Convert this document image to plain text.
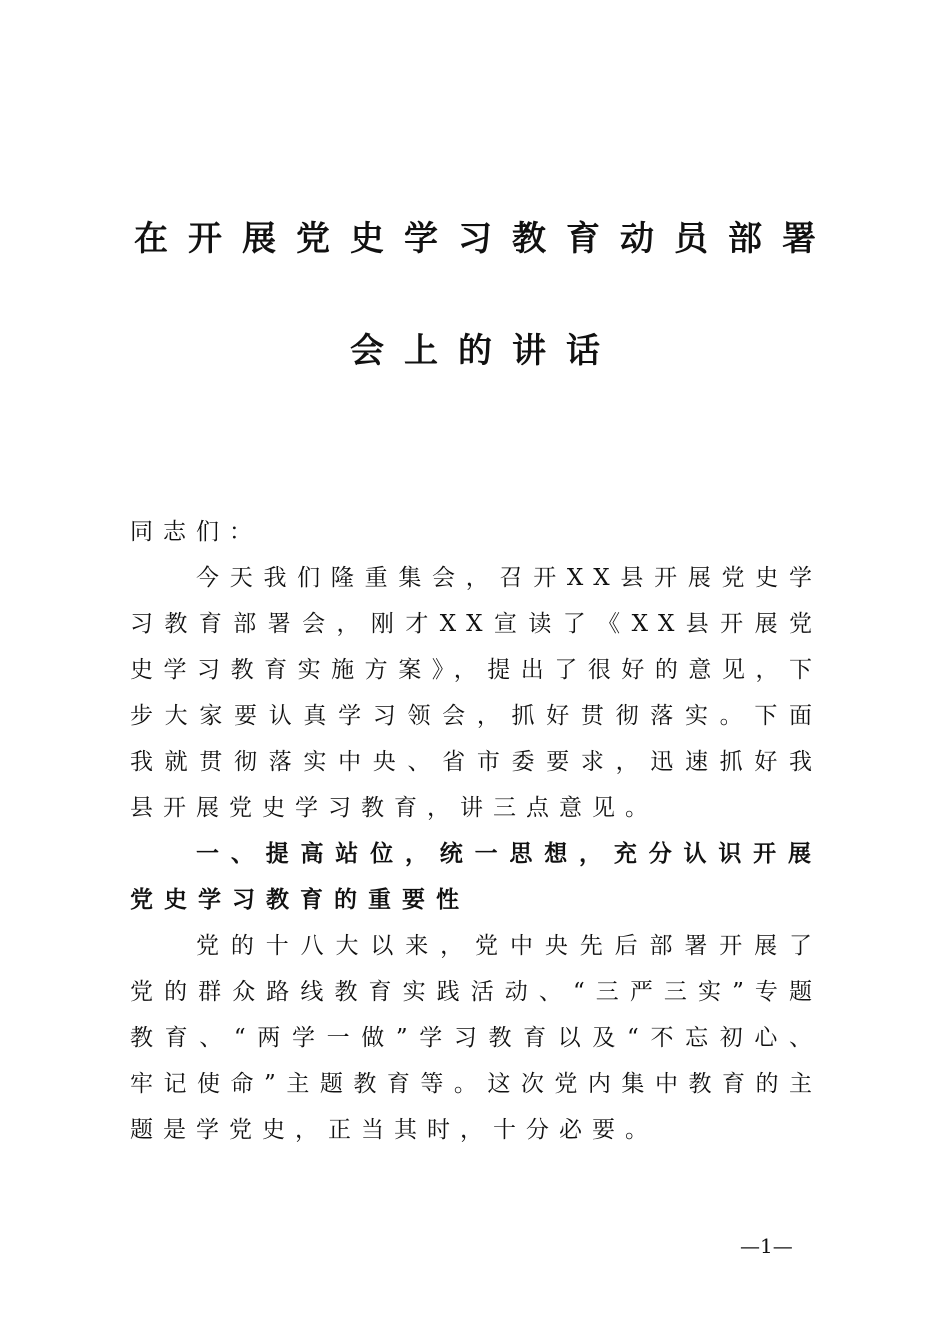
在开展党史学习教育动员部署
会上的讲话

同志们：

今天我们隆重集会，召开XX县开展党史学习教育部署会，刚才XX宣读了《XX县开展党史学习教育实施方案》，提出了很好的意见，下步大家要认真学习领会，抓好贯彻落实。下面我就贯彻落实中央、省市委要求，迅速抓好我县开展党史学习教育，讲三点意见。

一、提高站位，统一思想，充分认识开展党史学习教育的重要性

党的十八大以来，党中央先后部署开展了党的群众路线教育实践活动、“三严三实”专题教育、“两学一做”学习教育以及“不忘初心、牢记使命”主题教育等。这次党内集中教育的主题是学党史，正当其时，十分必要。

—1—
